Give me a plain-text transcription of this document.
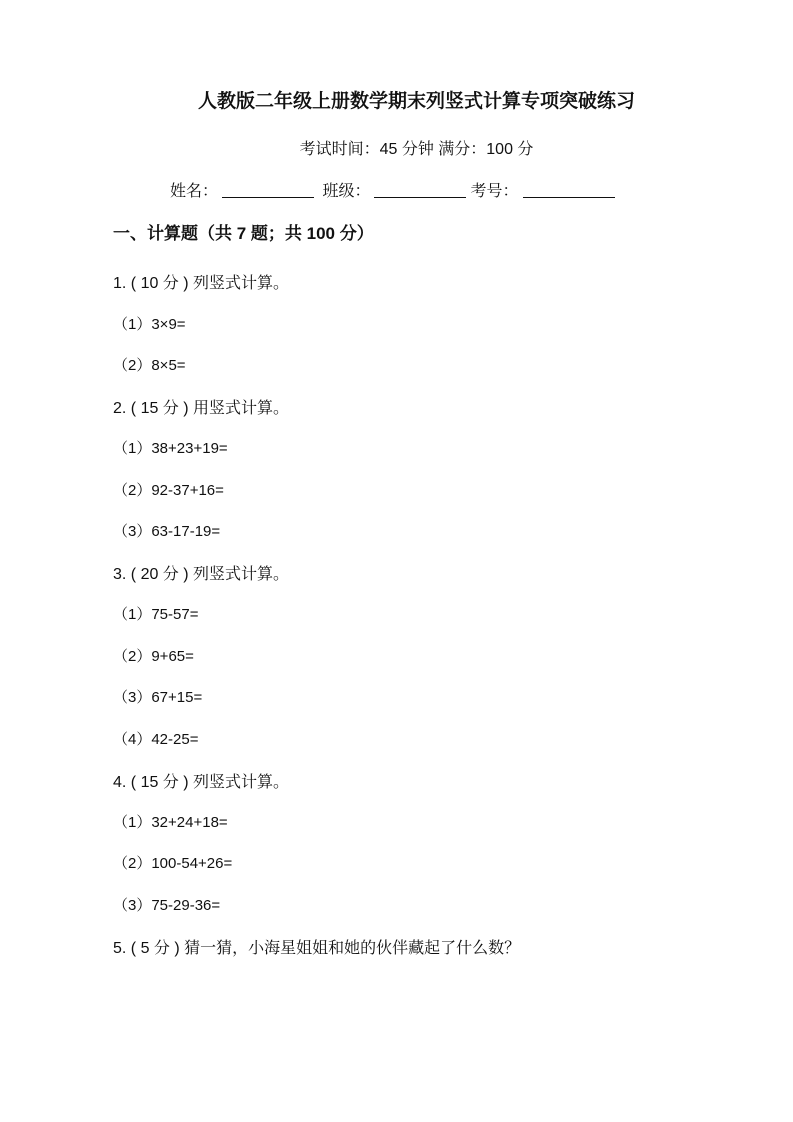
人教版二年级上册数学期末列竖式计算专项突破练习
考试时间：45 分钟 满分：100 分
姓名：	班级：	考号：
一、计算题（共 7 题；共 100 分）
1. ( 10 分 ) 列竖式计算。
（1）3×9=
（2）8×5=
2. ( 15 分 ) 用竖式计算。
（1）38+23+19=
（2）92-37+16=
（3）63-17-19=
3. ( 20 分 ) 列竖式计算。
（1）75-57=
（2）9+65=
（3）67+15=
（4）42-25=
4. ( 15 分 ) 列竖式计算。
（1）32+24+18=
（2）100-54+26=
（3）75-29-36=
5. ( 5 分 ) 猜一猜，小海星姐姐和她的伙伴藏起了什么数？
